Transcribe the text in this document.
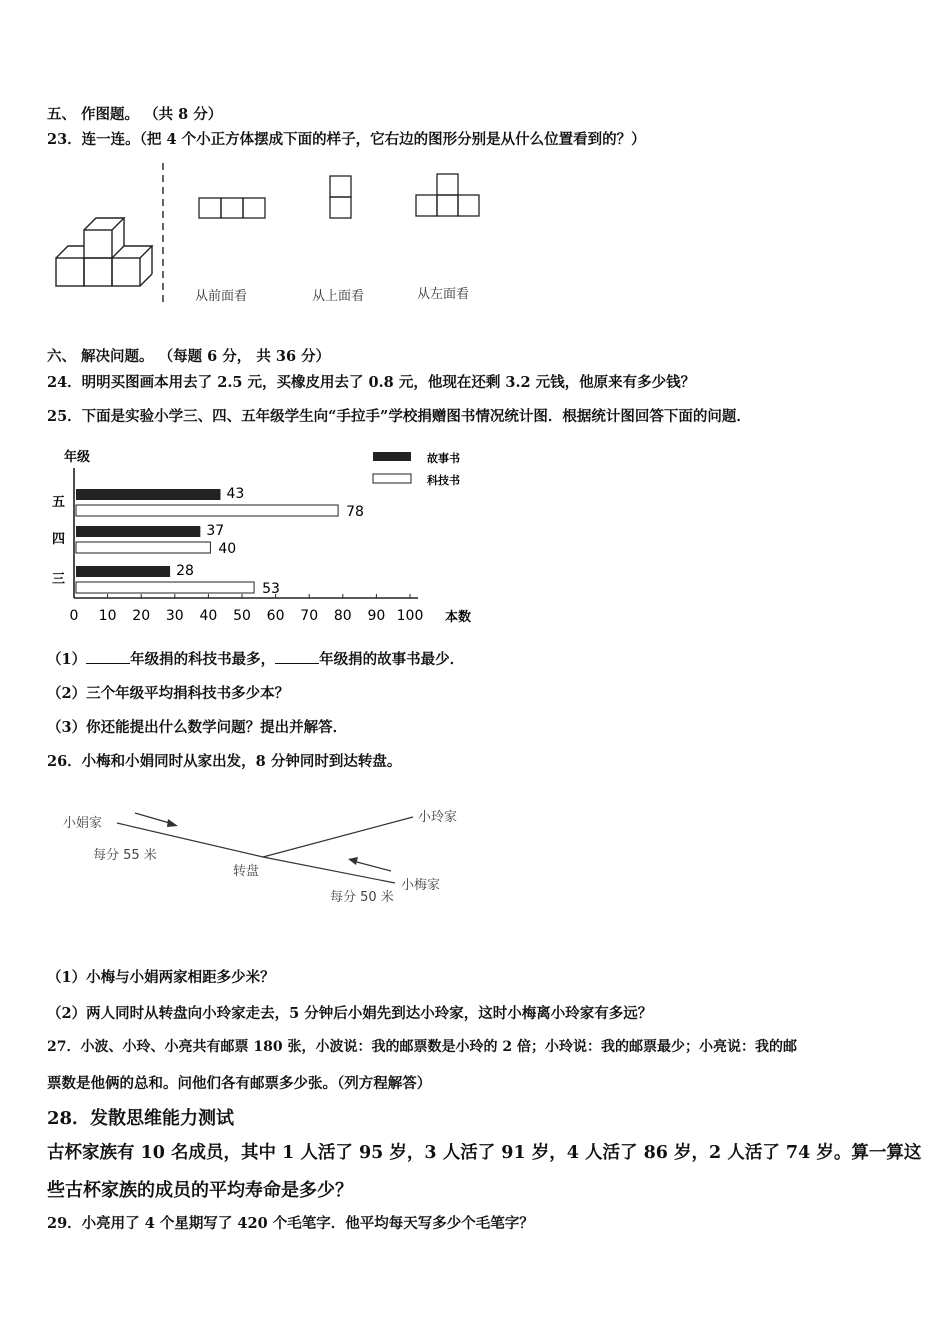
五、 作图题。 （共 8 分）
23．连一连。（把 4 个小正方体摆成下面的样子，它右边的图形分别是从什么位置看到的？）
从前面看	从上面看	从左面看
六、 解决问题。 （每题 6 分， 共 36 分）
24．明明买图画本用去了 2.5 元，买橡皮用去了 0.8 元，他现在还剩 3.2 元钱，他原来有多少钱？
25．下面是实验小学三、四、五年级学生向“手拉手”学校捐赠图书情况统计图．根据统计图回答下面的问题．
年级	故事书
科技书
43
78
37
40
28
53
五
四
三
0 10 20 30 40 50 60 70 80 90 100 本数
（1）	年级捐的科技书最多，	年级捐的故事书最少．
（2）三个年级平均捐科技书多少本？
（3）你还能提出什么数学问题？提出并解答．
26．小梅和小娟同时从家出发，8 分钟同时到达转盘。
小娟家	小玲家
小梅家
转盘
每分 55 米
每分 50 米
（1）小梅与小娟两家相距多少米？
（2）两人同时从转盘向小玲家走去，5 分钟后小娟先到达小玲家，这时小梅离小玲家有多远？
27．小波、小玲、小亮共有邮票 180 张，小波说：我的邮票数是小玲的 2 倍；小玲说：我的邮票最少；小亮说：我的邮
票数是他俩的总和。问他们各有邮票多少张。（列方程解答）
28．发散思维能力测试
古杯家族有 10 名成员，其中 1 人活了 95 岁，3 人活了 91 岁，4 人活了 86 岁，2 人活了 74 岁。算一算这
些古杯家族的成员的平均寿命是多少？
29．小亮用了 4 个星期写了 420 个毛笔字．他平均每天写多少个毛笔字？
